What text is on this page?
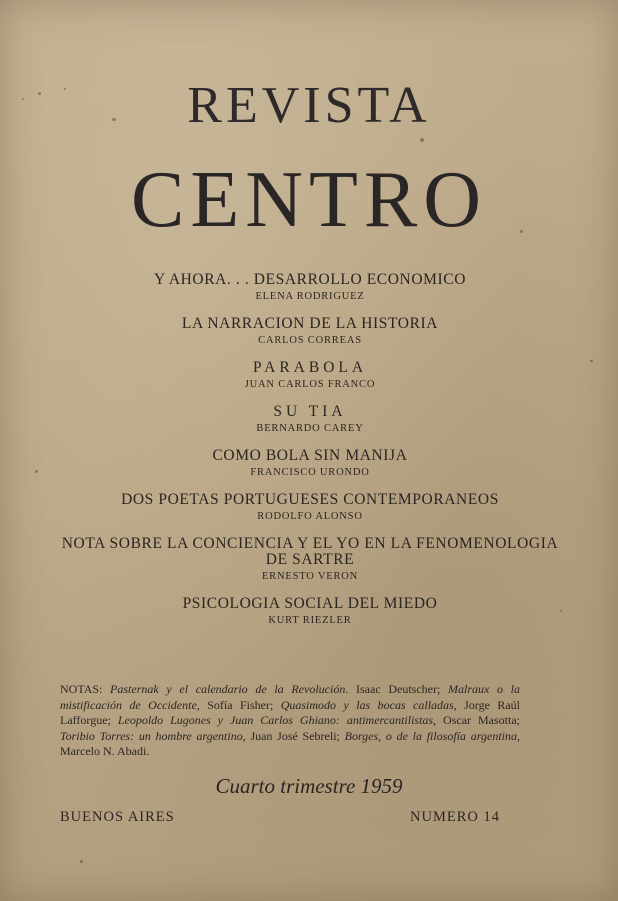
REVISTA
CENTRO
Y AHORA. . . DESARROLLO ECONOMICO
ELENA RODRIGUEZ
LA NARRACION DE LA HISTORIA
CARLOS CORREAS
PARABOLA
JUAN CARLOS FRANCO
SU TIA
BERNARDO CAREY
COMO BOLA SIN MANIJA
FRANCISCO URONDO
DOS POETAS PORTUGUESES CONTEMPORANEOS
RODOLFO ALONSO
NOTA SOBRE LA CONCIENCIA Y EL YO EN LA FENOMENOLOGIA DE SARTRE
ERNESTO VERON
PSICOLOGIA SOCIAL DEL MIEDO
KURT RIEZLER
NOTAS: Pasternak y el calendario de la Revolución. Isaac Deutscher; Malraux o la mistificación de Occidente, Sofía Fisher; Quasimodo y las bocas calladas, Jorge Raúl Lafforgue; Leopoldo Lugones y Juan Carlos Ghiano: antimercantilistas, Oscar Masotta; Toribio Torres: un hombre argentino, Juan José Sebreli; Borges, o de la filosofía argentina, Marcelo N. Abadi.
Cuarto trimestre 1959
BUENOS AIRES	NUMERO 14
